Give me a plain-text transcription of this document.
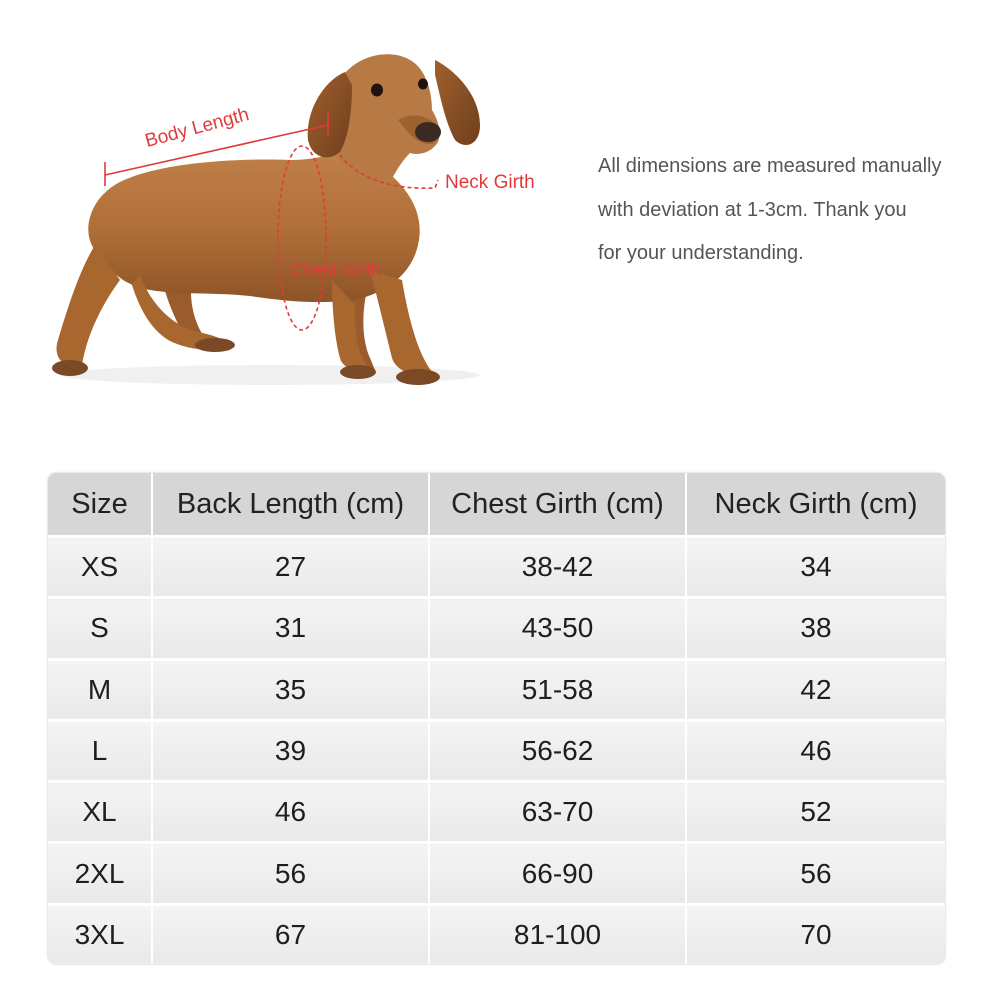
Body Length
Neck Girth
Chest Girth
All dimensions are measured manually
with deviation at 1-3cm. Thank you
for your understanding.
Size	Back Length (cm)	Chest Girth (cm)	Neck Girth (cm)
XS	27	38-42	34
S	31	43-50	38
M	35	51-58	42
L	39	56-62	46
XL	46	63-70	52
2XL	56	66-90	56
3XL	67	81-100	70
